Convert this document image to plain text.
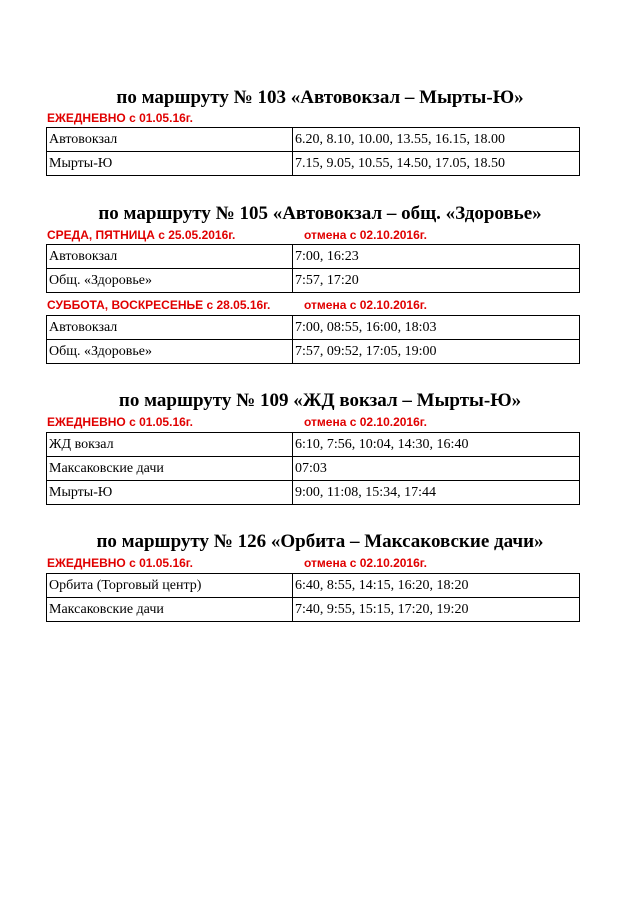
по маршруту № 103 «Автовокзал – Мырты-Ю»
ЕЖЕДНЕВНО с 01.05.16г.
Автовокзал	6.20, 8.10, 10.00, 13.55, 16.15, 18.00
Мырты-Ю	7.15, 9.05, 10.55, 14.50, 17.05, 18.50
по маршруту № 105 «Автовокзал – общ. «Здоровье»
СРЕДА, ПЯТНИЦА с 25.05.2016г.	отмена с 02.10.2016г.
Автовокзал	7:00, 16:23
Общ. «Здоровье»	7:57, 17:20
СУББОТА, ВОСКРЕСЕНЬЕ с 28.05.16г.	отмена с 02.10.2016г.
Автовокзал	7:00, 08:55, 16:00, 18:03
Общ. «Здоровье»	7:57, 09:52, 17:05, 19:00
по маршруту № 109 «ЖД вокзал – Мырты-Ю»
ЕЖЕДНЕВНО с 01.05.16г.	отмена с 02.10.2016г.
ЖД вокзал	6:10, 7:56, 10:04, 14:30, 16:40
Максаковские дачи	07:03
Мырты-Ю	9:00, 11:08, 15:34, 17:44
по маршруту № 126 «Орбита – Максаковские дачи»
ЕЖЕДНЕВНО с 01.05.16г.	отмена с 02.10.2016г.
Орбита (Торговый центр)	6:40, 8:55, 14:15, 16:20, 18:20
Максаковские дачи	7:40, 9:55, 15:15, 17:20, 19:20
